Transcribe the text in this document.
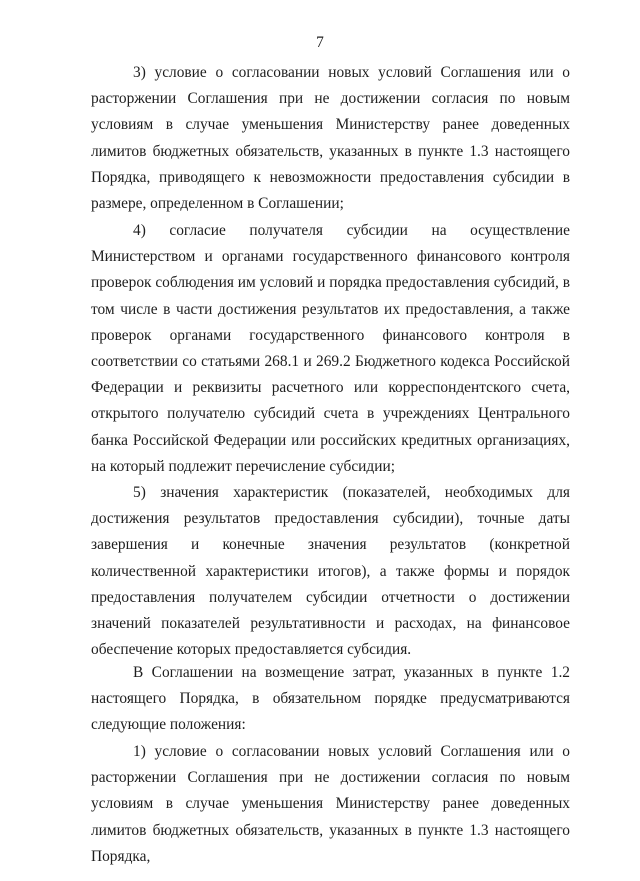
7

3) условие о согласовании новых условий Соглашения или о расторжении Соглашения при не достижении согласия по новым условиям в случае уменьшения Министерству ранее доведенных лимитов бюджетных обязательств, указанных в пункте 1.3 настоящего Порядка, приводящего к невозможности предоставления субсидии в размере, определенном в Соглашении;

4) согласие получателя субсидии на осуществление Министерством и органами государственного финансового контроля проверок соблюдения им условий и порядка предоставления субсидий, в том числе в части достижения результатов их предоставления, а также проверок органами государственного финансового контроля в соответствии со статьями 268.1 и 269.2 Бюджетного кодекса Российской Федерации и реквизиты расчетного или корреспондентского счета, открытого получателю субсидий счета в учреждениях Центрального банка Российской Федерации или российских кредитных организациях, на который подлежит перечисление субсидии;

5) значения характеристик (показателей, необходимых для достижения результатов предоставления субсидии), точные даты завершения и конечные значения результатов (конкретной количественной характеристики итогов), а также формы и порядок предоставления получателем субсидии отчетности о достижении значений показателей результативности и расходах, на финансовое обеспечение которых предоставляется субсидия.

В Соглашении на возмещение затрат, указанных в пункте 1.2 настоящего Порядка, в обязательном порядке предусматриваются следующие положения:

1) условие о согласовании новых условий Соглашения или о расторжении Соглашения при не достижении согласия по новым условиям в случае уменьшения Министерству ранее доведенных лимитов бюджетных обязательств, указанных в пункте 1.3 настоящего Порядка,
